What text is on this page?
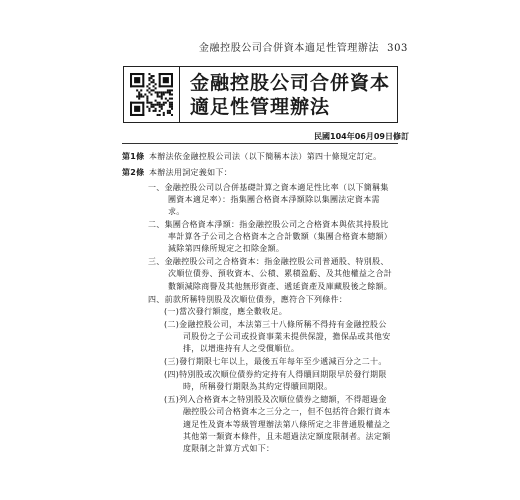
金融控股公司合併資本適足性管理辦法 303
金融控股公司合併資本
適足性管理辦法
民國104年06月09日修訂
第1條 本辦法依金融控股公司法（以下簡稱本法）第四十條規定訂定。
第2條 本辦法用詞定義如下：
一、金融控股公司以合併基礎計算之資本適足性比率（以下簡稱集
團資本適足率）：指集團合格資本淨額除以集團法定資本需
求。
二、集團合格資本淨額：指金融控股公司之合格資本與依其持股比
率計算各子公司之合格資本之合計數額（集團合格資本總額）
減除第四條所規定之扣除金額。
三、金融控股公司之合格資本：指金融控股公司普通股、特別股、
次順位債券、預收資本、公積、累積盈虧、及其他權益之合計
數額減除商譽及其他無形資產、遞延資產及庫藏股後之餘額。
四、前款所稱特別股及次順位債券，應符合下列條件：
(一)當次發行額度，應全數收足。
(二)金融控股公司，本法第三十八條所稱不得持有金融控股公
司股份之子公司或投資事業未提供保證，擔保品或其他安
排，以增進持有人之受償順位。
(三)發行期限七年以上，最後五年每年至少遞減百分之二十。
(四)特別股或次順位債券約定持有人得贖回期限早於發行期限
時，所稱發行期限為其約定得贖回期限。
(五)列入合格資本之特別股及次順位債券之總額，不得超過金
融控股公司合格資本之三分之一，但不包括符合銀行資本
適足性及資本等級管理辦法第八條所定之非普通股權益之
其他第一類資本條件，且未超過法定額度限制者。法定額
度限制之計算方式如下：
